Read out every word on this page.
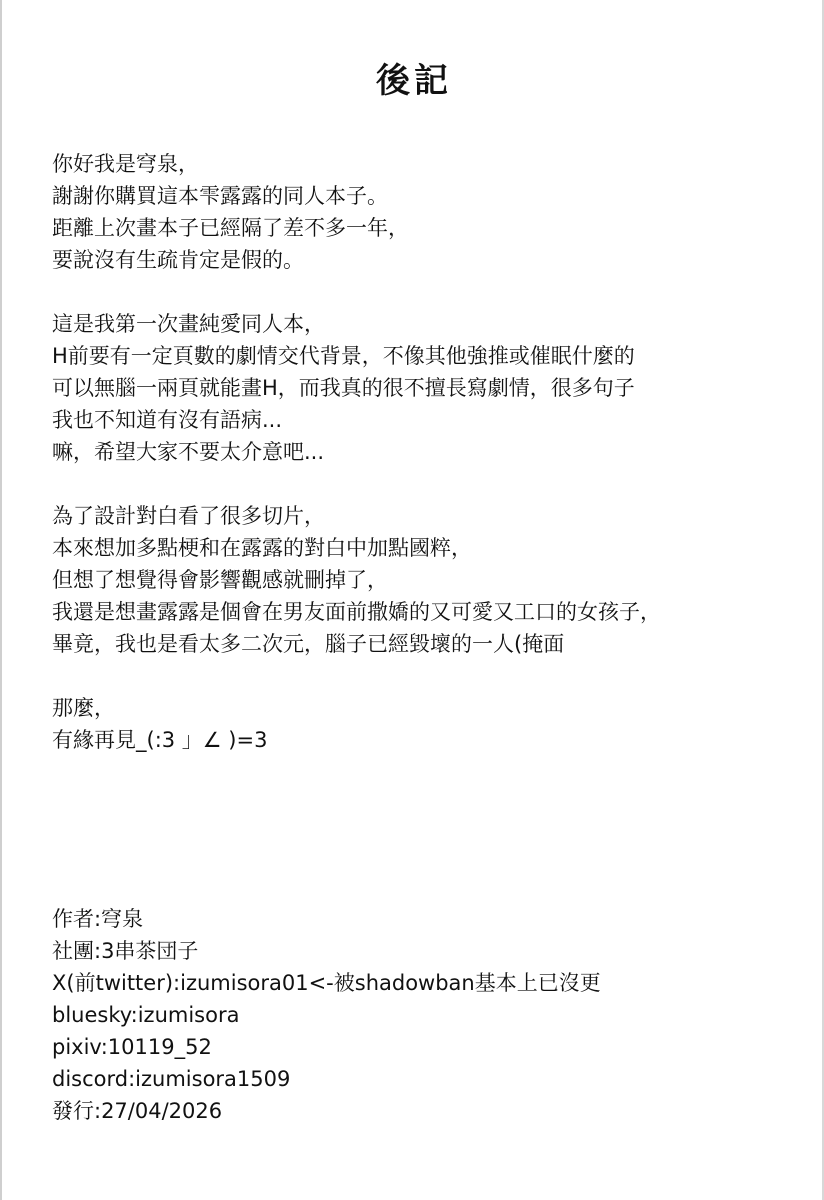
後記
你好我是穹泉，
謝謝你購買這本雫露露的同人本子。
距離上次畫本子已經隔了差不多一年，
要說沒有生疏肯定是假的。
這是我第一次畫純愛同人本，
H前要有一定頁數的劇情交代背景，不像其他強推或催眠什麼的
可以無腦一兩頁就能畫H，而我真的很不擅長寫劇情，很多句子
我也不知道有沒有語病...
嘛，希望大家不要太介意吧...
為了設計對白看了很多切片，
本來想加多點梗和在露露的對白中加點國粹，
但想了想覺得會影響觀感就刪掉了，
我還是想畫露露是個會在男友面前撒嬌的又可愛又工口的女孩子，
畢竟，我也是看太多二次元，腦子已經毀壞的一人(掩面
那麼，
有緣再見_(:3 」∠ )=3
作者:穹泉
社團:3串茶団子
X(前twitter):izumisora01<-被shadowban基本上已沒更
bluesky:izumisora
pixiv:10119_52
discord:izumisora1509
發行:27/04/2026
